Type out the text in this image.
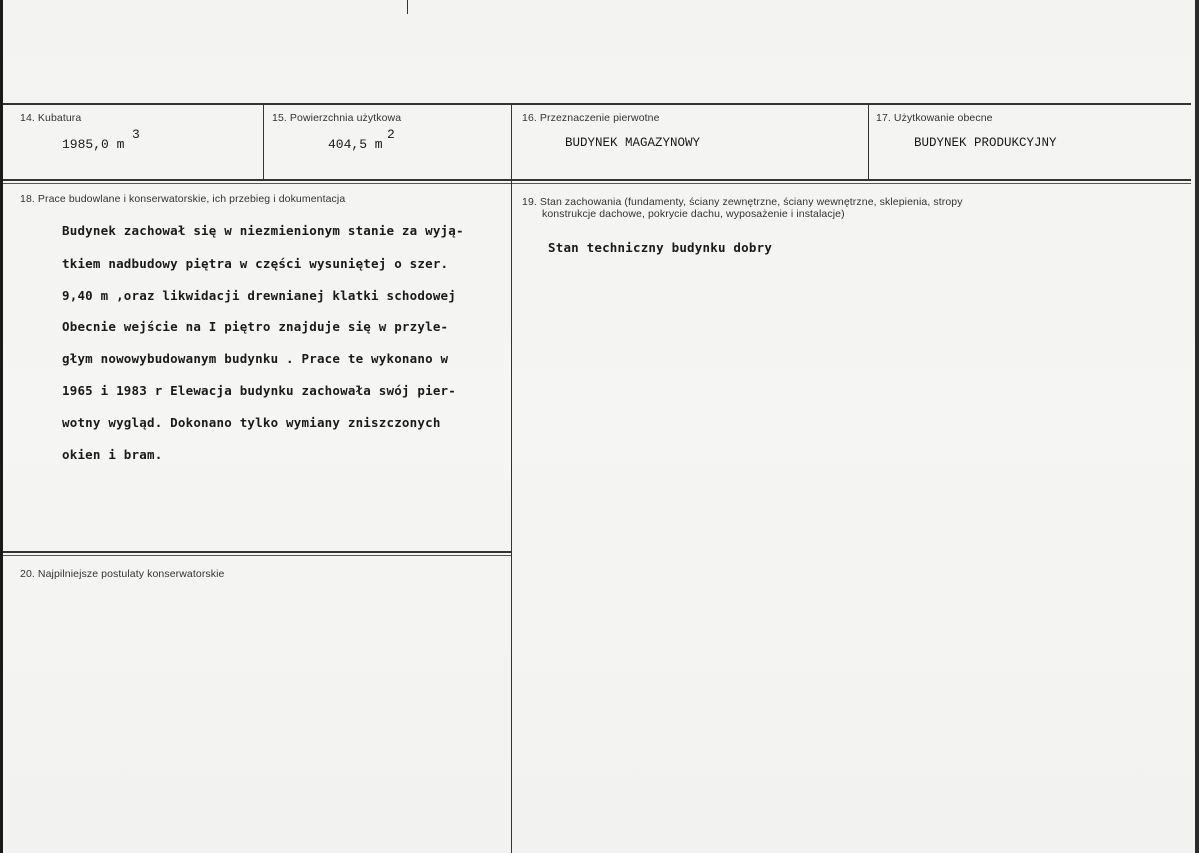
14. Kubatura
1985,0 m
3
15. Powierzchnia użytkowa
404,5 m
2
16. Przeznaczenie pierwotne
BUDYNEK MAGAZYNOWY
17. Użytkowanie obecne
BUDYNEK PRODUKCYJNY
18. Prace budowlane i konserwatorskie, ich przebieg i dokumentacja
Budynek zachował się w niezmienionym stanie za wyją-
tkiem nadbudowy piętra w części wysuniętej o szer.
9,40 m ,oraz likwidacji drewnianej klatki schodowej
Obecnie wejście na I piętro znajduje się w przyle-
głym nowowybudowanym budynku . Prace te wykonano w
1965 i 1983 r Elewacja budynku zachowała swój pier-
wotny wygląd. Dokonano tylko wymiany zniszczonych
okien i bram.
19. Stan zachowania (fundamenty, ściany zewnętrzne, ściany wewnętrzne, sklepienia, stropy
konstrukcje dachowe, pokrycie dachu, wyposażenie i instalacje)
Stan techniczny budynku dobry
20. Najpilniejsze postulaty konserwatorskie
